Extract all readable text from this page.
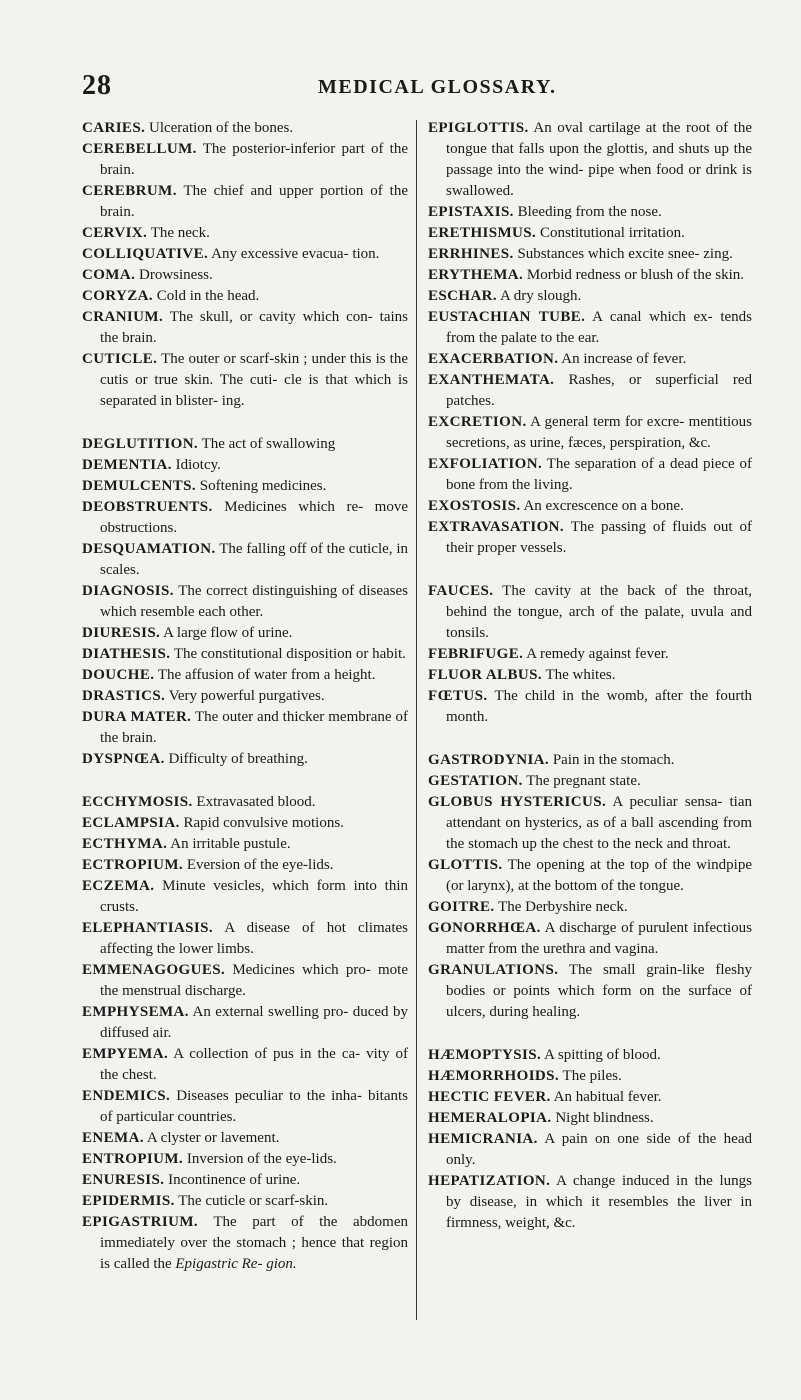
28	MEDICAL GLOSSARY.

CARIES. Ulceration of the bones.

CEREBELLUM. The posterior-inferior part of the brain.

CEREBRUM. The chief and upper portion of the brain.

CERVIX. The neck.

COLLIQUATIVE. Any excessive evacua- tion.

COMA. Drowsiness.

CORYZA. Cold in the head.

CRANIUM. The skull, or cavity which con- tains the brain.

CUTICLE. The outer or scarf-skin ; under this is the cutis or true skin. The cuti- cle is that which is separated in blister- ing.

DEGLUTITION. The act of swallowing

DEMENTIA. Idiotcy.

DEMULCENTS. Softening medicines.

DEOBSTRUENTS. Medicines which re- move obstructions.

DESQUAMATION. The falling off of the cuticle, in scales.

DIAGNOSIS. The correct distinguishing of diseases which resemble each other.

DIURESIS. A large flow of urine.

DIATHESIS. The constitutional disposition or habit.

DOUCHE. The affusion of water from a height.

DRASTICS. Very powerful purgatives.

DURA MATER. The outer and thicker membrane of the brain.

DYSPNŒA. Difficulty of breathing.

ECCHYMOSIS. Extravasated blood.

ECLAMPSIA. Rapid convulsive motions.

ECTHYMA. An irritable pustule.

ECTROPIUM. Eversion of the eye-lids.

ECZEMA. Minute vesicles, which form into thin crusts.

ELEPHANTIASIS. A disease of hot climates affecting the lower limbs.

EMMENAGOGUES. Medicines which pro- mote the menstrual discharge.

EMPHYSEMA. An external swelling pro- duced by diffused air.

EMPYEMA. A collection of pus in the ca- vity of the chest.

ENDEMICS. Diseases peculiar to the inha- bitants of particular countries.

ENEMA. A clyster or lavement.

ENTROPIUM. Inversion of the eye-lids.

ENURESIS. Incontinence of urine.

EPIDERMIS. The cuticle or scarf-skin.

EPIGASTRIUM. The part of the abdomen immediately over the stomach ; hence that region is called the Epigastric Re- gion.

EPIGLOTTIS. An oval cartilage at the root of the tongue that falls upon the glottis, and shuts up the passage into the wind- pipe when food or drink is swallowed.

EPISTAXIS. Bleeding from the nose.

ERETHISMUS. Constitutional irritation.

ERRHINES. Substances which excite snee- zing.

ERYTHEMA. Morbid redness or blush of the skin.

ESCHAR. A dry slough.

EUSTACHIAN TUBE. A canal which ex- tends from the palate to the ear.

EXACERBATION. An increase of fever.

EXANTHEMATA. Rashes, or superficial red patches.

EXCRETION. A general term for excre- mentitious secretions, as urine, fæces, perspiration, &c.

EXFOLIATION. The separation of a dead piece of bone from the living.

EXOSTOSIS. An excrescence on a bone.

EXTRAVASATION. The passing of fluids out of their proper vessels.

FAUCES. The cavity at the back of the throat, behind the tongue, arch of the palate, uvula and tonsils.

FEBRIFUGE. A remedy against fever.

FLUOR ALBUS. The whites.

FŒTUS. The child in the womb, after the fourth month.

GASTRODYNIA. Pain in the stomach.

GESTATION. The pregnant state.

GLOBUS HYSTERICUS. A peculiar sensa- tian attendant on hysterics, as of a ball ascending from the stomach up the chest to the neck and throat.

GLOTTIS. The opening at the top of the windpipe (or larynx), at the bottom of the tongue.

GOITRE. The Derbyshire neck.

GONORRHŒA. A discharge of purulent infectious matter from the urethra and vagina.

GRANULATIONS. The small grain-like fleshy bodies or points which form on the surface of ulcers, during healing.

HÆMOPTYSIS. A spitting of blood.

HÆMORRHOIDS. The piles.

HECTIC FEVER. An habitual fever.

HEMERALOPIA. Night blindness.

HEMICRANIA. A pain on one side of the head only.

HEPATIZATION. A change induced in the lungs by disease, in which it resembles the liver in firmness, weight, &c.
